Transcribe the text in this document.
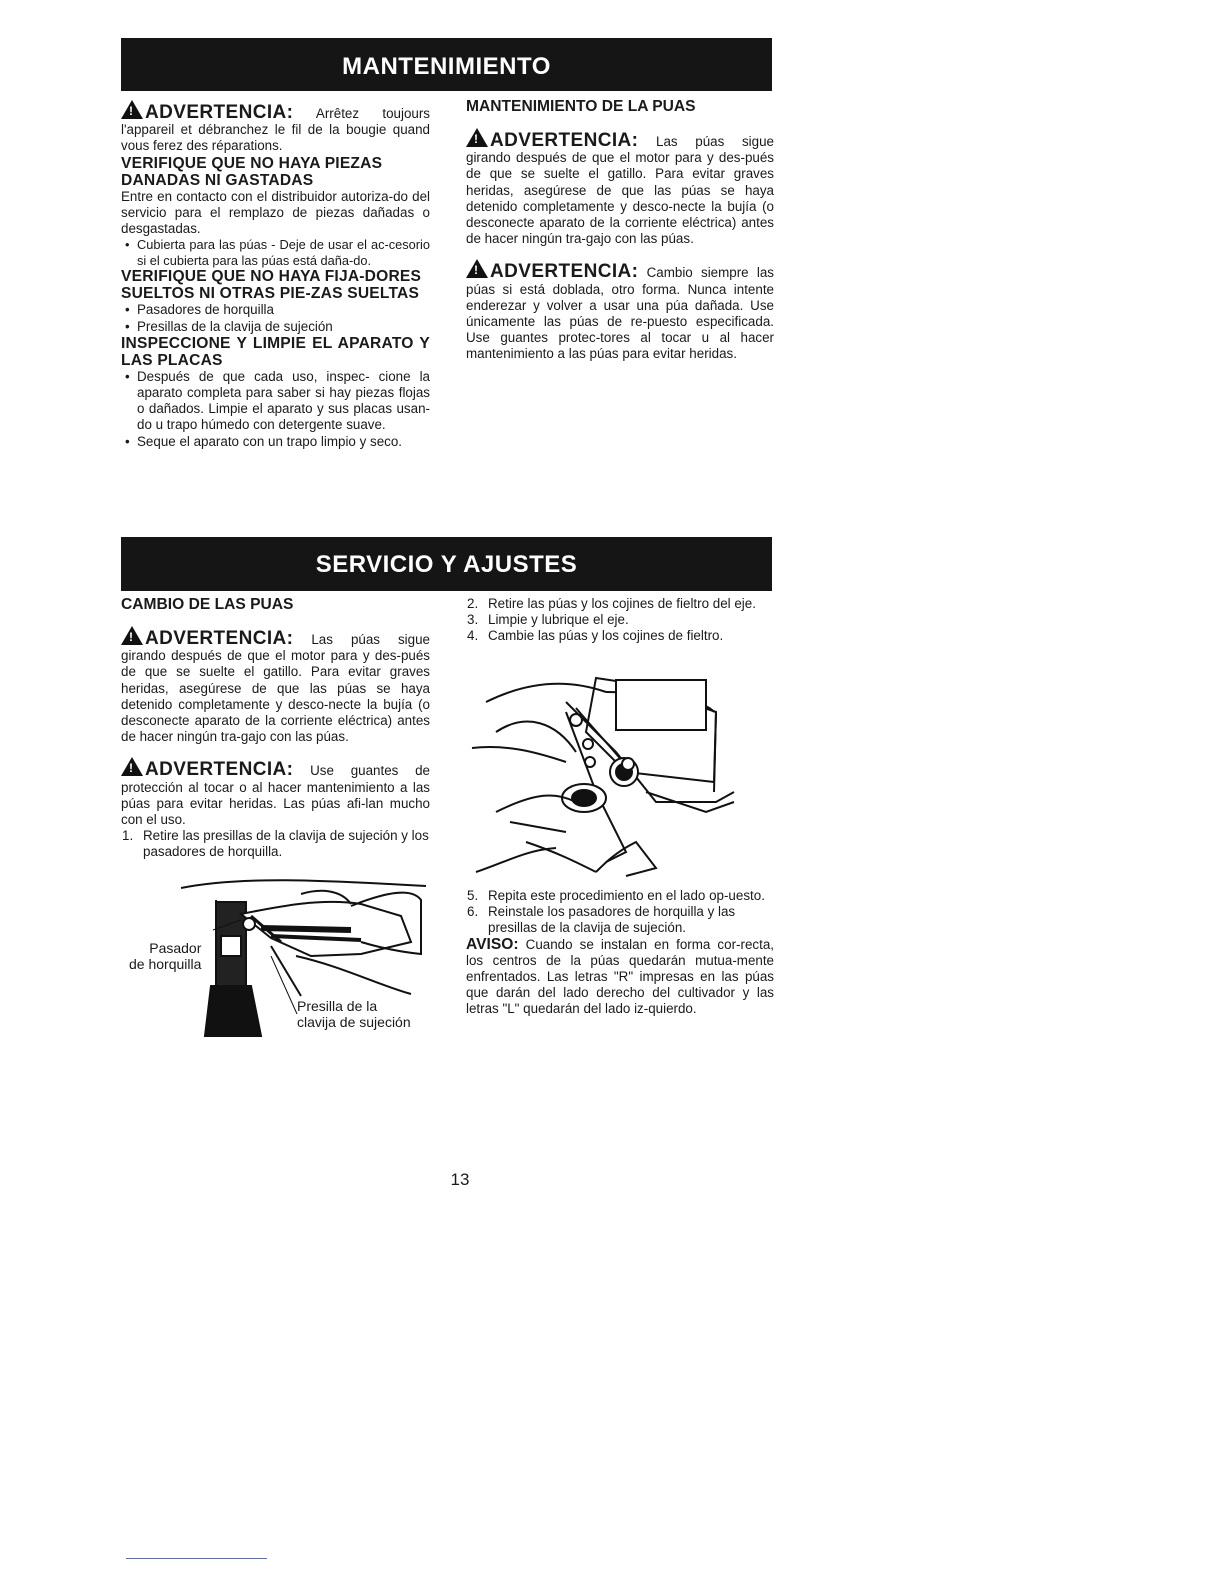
MANTENIMIENTO

!ADVERTENCIA: Arrêtez toujours l'appareil et débranchez le fil de la bougie quand vous ferez des réparations.

VERIFIQUE QUE NO HAYA PIEZAS DANADAS NI GASTADAS

Entre en contacto con el distribuidor autoriza-do del servicio para el remplazo de piezas dañadas o desgastadas.

• Cubierta para las púas - Deje de usar el ac-cesorio si el cubierta para las púas está daña-do.
VERIFIQUE QUE NO HAYA FIJA-DORES SUELTOS NI OTRAS PIE-ZAS SUELTAS
• Pasadores de horquilla
• Presillas de la clavija de sujeción
INSPECCIONE Y LIMPIE EL APARATO Y LAS PLACAS
• Después de que cada uso, inspec- cione la aparato completa para saber si hay piezas flojas o dañados. Limpie el aparato y sus placas usan- do u trapo húmedo con detergente suave.
• Seque el aparato con un trapo limpio y seco.
MANTENIMIENTO DE LA PUAS

!ADVERTENCIA: Las púas sigue girando después de que el motor para y des-pués de que se suelte el gatillo. Para evitar graves heridas, asegúrese de que las púas se haya detenido completamente y desco-necte la bujía (o desconecte aparato de la corriente eléctrica) antes de hacer ningún tra-gajo con las púas.

!ADVERTENCIA: Cambio siempre las púas si está doblada, otro forma. Nunca intente enderezar y volver a usar una púa dañada. Use únicamente las púas de re-puesto especificada. Use guantes protec-tores al tocar u al hacer mantenimiento a las púas para evitar heridas.

SERVICIO Y AJUSTES
CAMBIO DE LAS PUAS

!ADVERTENCIA: Las púas sigue girando después de que el motor para y des-pués de que se suelte el gatillo. Para evitar graves heridas, asegúrese de que las púas se haya detenido completamente y desco-necte la bujía (o desconecte aparato de la corriente eléctrica) antes de hacer ningún tra-gajo con las púas.

!ADVERTENCIA: Use guantes de protección al tocar o al hacer mantenimiento a las púas para evitar heridas. Las púas afi-lan mucho con el uso.

1. Retire las presillas de la clavija de sujeción y los pasadores de horquilla.
Pasador
de horquilla
Presilla de la
clavija de sujeción
2. Retire las púas y los cojines de fieltro del eje.
3. Limpie y lubrique el eje.
4. Cambie las púas y los cojines de fieltro.
5. Repita este procedimiento en el lado op-uesto.
6. Reinstale los pasadores de horquilla y las presillas de la clavija de sujeción.

AVISO: Cuando se instalan en forma cor-recta, los centros de la púas quedarán mutua-mente enfrentados. Las letras "R" impresas en las púas que darán del lado derecho del cultivador y las letras "L" quedarán del lado iz-quierdo.

13
